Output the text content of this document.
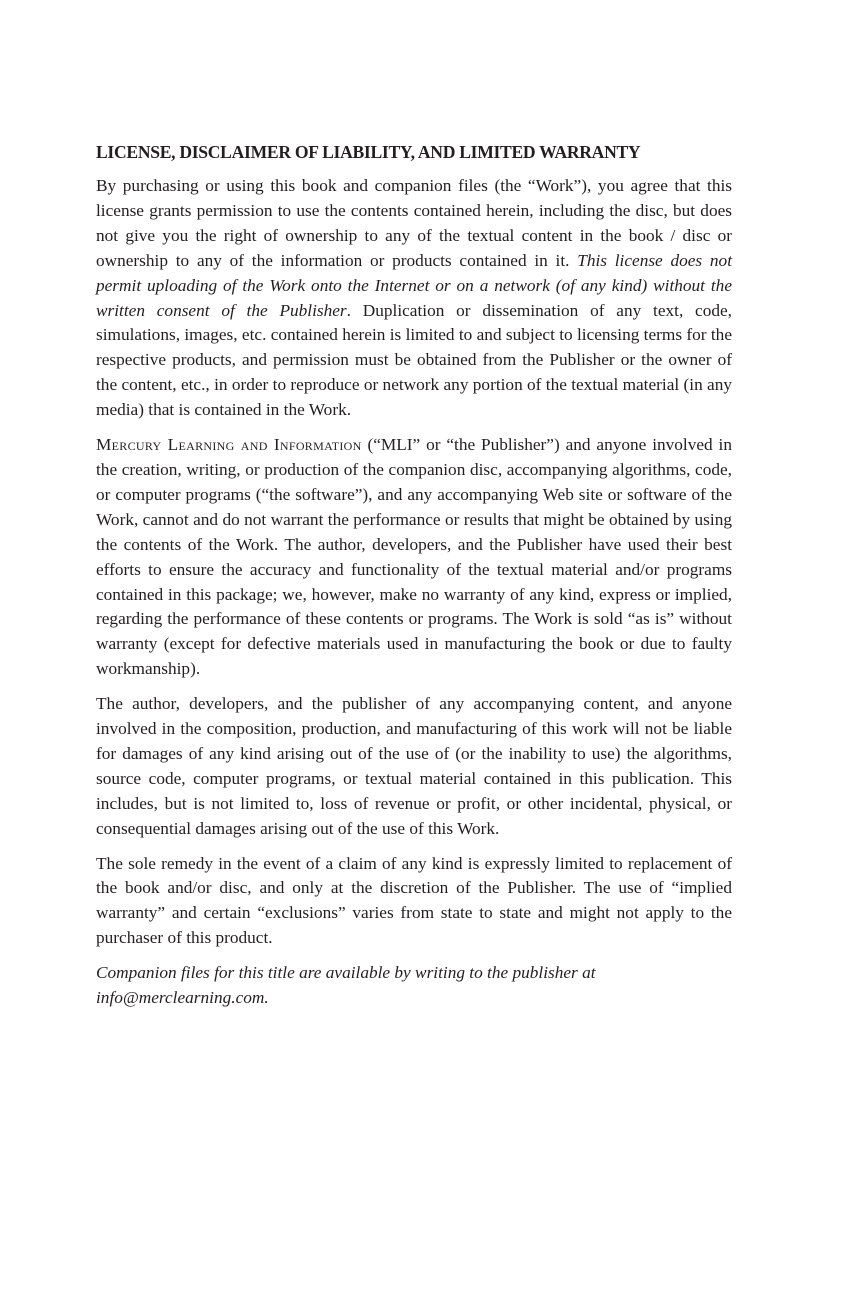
LICENSE, DISCLAIMER OF LIABILITY, AND LIMITED WARRANTY

By purchasing or using this book and companion files (the “Work”), you agree that this license grants permission to use the contents contained herein, including the disc, but does not give you the right of ownership to any of the textual content in the book / disc or ownership to any of the information or products contained in it. This license does not permit uploading of the Work onto the Internet or on a network (of any kind) without the written consent of the Publisher. Duplication or dissemination of any text, code, simulations, images, etc. contained herein is limited to and subject to licensing terms for the respective products, and permission must be obtained from the Publisher or the owner of the content, etc., in order to reproduce or network any portion of the textual material (in any media) that is contained in the Work.

Mercury Learning and Information (“MLI” or “the Publisher”) and anyone involved in the creation, writing, or production of the companion disc, accompanying algorithms, code, or computer programs (“the software”), and any accompanying Web site or software of the Work, cannot and do not warrant the performance or results that might be obtained by using the contents of the Work. The author, developers, and the Publisher have used their best efforts to ensure the accuracy and functionality of the textual material and/or programs contained in this package; we, however, make no warranty of any kind, express or implied, regarding the performance of these contents or programs. The Work is sold “as is” without warranty (except for defective materials used in manufacturing the book or due to faulty workmanship).

The author, developers, and the publisher of any accompanying content, and anyone involved in the composition, production, and manufacturing of this work will not be liable for damages of any kind arising out of the use of (or the inability to use) the algorithms, source code, computer programs, or textual material contained in this publication. This includes, but is not limited to, loss of revenue or profit, or other incidental, physical, or consequential damages arising out of the use of this Work.

The sole remedy in the event of a claim of any kind is expressly limited to replacement of the book and/or disc, and only at the discretion of the Publisher. The use of “implied warranty” and certain “exclusions” varies from state to state and might not apply to the purchaser of this product.

Companion files for this title are available by writing to the publisher at info@merclearning.com.
